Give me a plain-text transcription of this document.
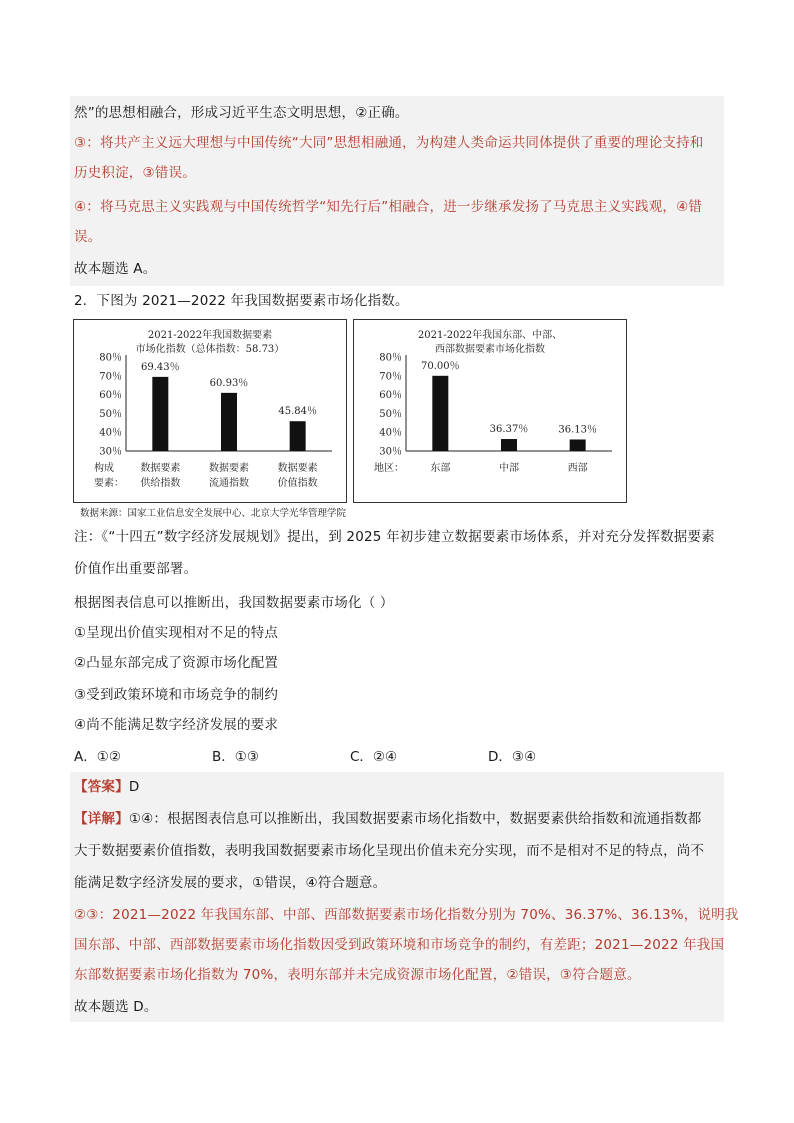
然”的思想相融合，形成习近平生态文明思想，②正确。
③：将共产主义远大理想与中国传统“大同”思想相融通，为构建人类命运共同体提供了重要的理论支持和
历史积淀，③错误。
④：将马克思主义实践观与中国传统哲学“知先行后”相融合，进一步继承发扬了马克思主义实践观，④错
误。
故本题选 A。
2．下图为 2021—2022 年我国数据要素市场化指数。
2021-2022年我国数据要素
市场化指数（总体指数：58.73）
80％
70％
60％
50％
40％
30％
69.43％
数据要素
供给指数
60.93％
数据要素
流通指数
45.84％
数据要素
价值指数
构成
要素：
2021-2022年我国东部、中部、
西部数据要素市场化指数
80％
70％
60％
50％
40％
30％
70.00％
东部
36.37％
中部
36.13％
西部
地区：
数据来源：国家工业信息安全发展中心、北京大学光华管理学院
注：《“十四五”数字经济发展规划》提出，到 2025 年初步建立数据要素市场体系，并对充分发挥数据要素
价值作出重要部署。
根据图表信息可以推断出，我国数据要素市场化（ ）
①呈现出价值实现相对不足的特点
②凸显东部完成了资源市场化配置
③受到政策环境和市场竞争的制约
④尚不能满足数字经济发展的要求
A．①②	B．①③	C．②④	D．③④
【答案】D
【详解】①④：根据图表信息可以推断出，我国数据要素市场化指数中，数据要素供给指数和流通指数都
大于数据要素价值指数，表明我国数据要素市场化呈现出价值未充分实现，而不是相对不足的特点，尚不
能满足数字经济发展的要求，①错误，④符合题意。
②③：2021—2022 年我国东部、中部、西部数据要素市场化指数分别为 70%、36.37%、36.13%，说明我
国东部、中部、西部数据要素市场化指数因受到政策环境和市场竞争的制约，有差距；2021—2022 年我国
东部数据要素市场化指数为 70%，表明东部并未完成资源市场化配置，②错误，③符合题意。
故本题选 D。
